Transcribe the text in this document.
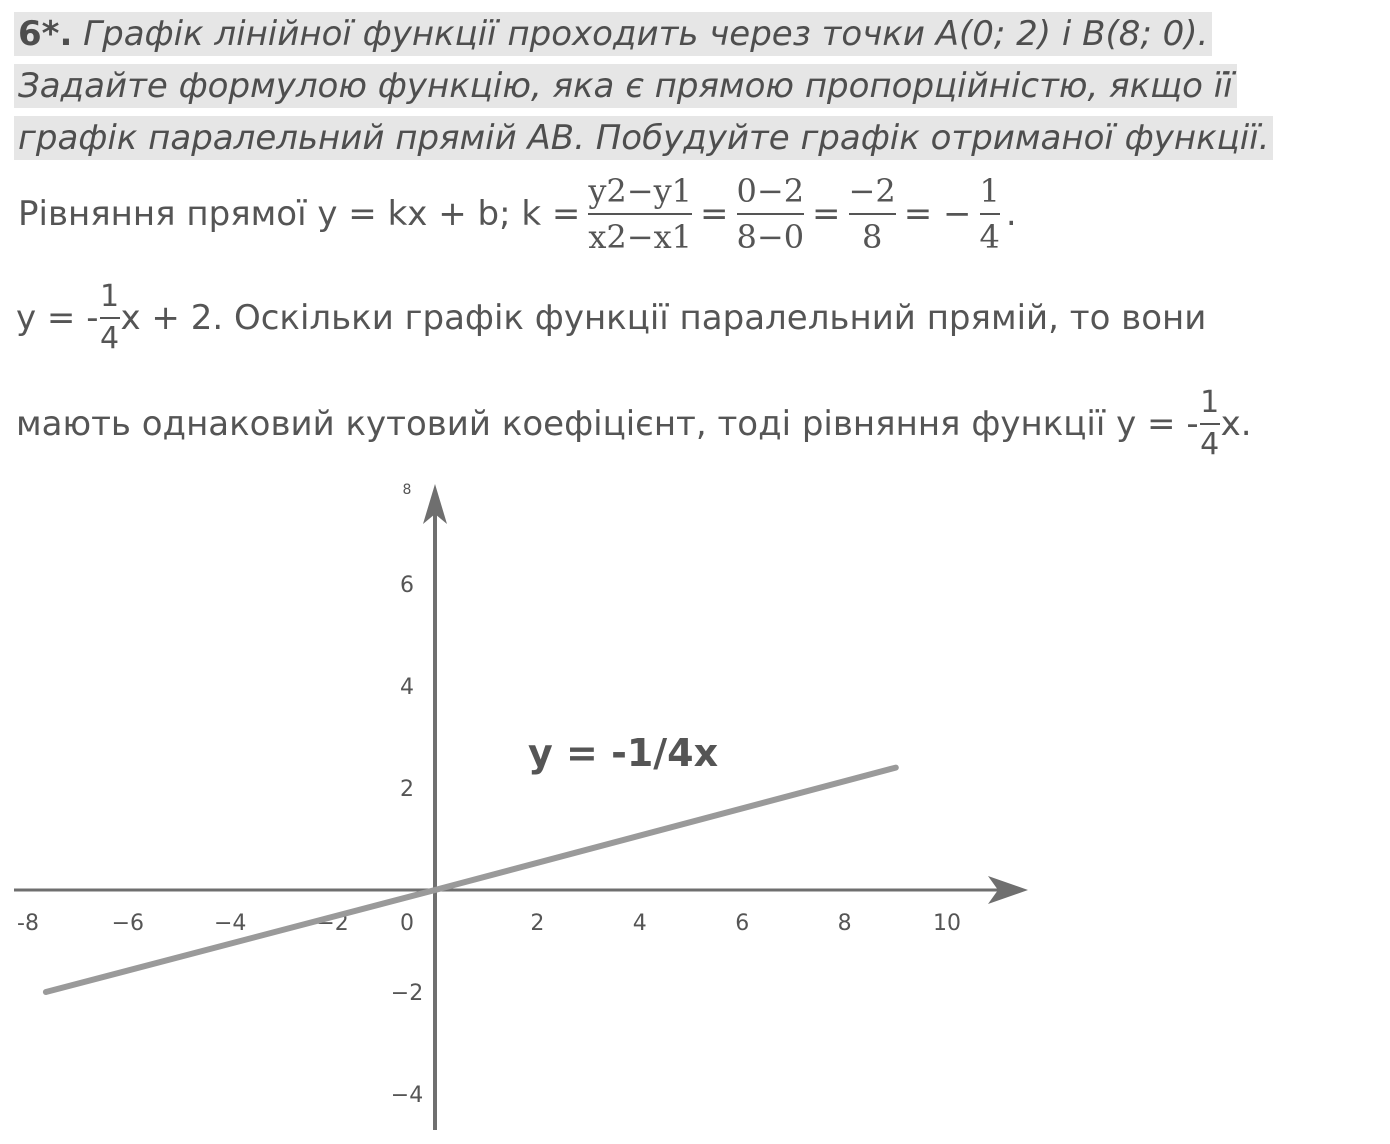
6*. Графік лінійної функції проходить через точки A(0; 2) і B(8; 0).
Задайте формулою функцію, яка є прямою пропорційністю, якщо її
графік паралельний прямій AB. Побудуйте графік отриманої функції.
Рівняння прямої y = kx + b; $k = \frac{y2-y1}{x2-x1} = \frac{0-2}{8-0} = \frac{-2}{8}$ = − $\frac{1}{4}$ .
y = - $\frac{1}{4}$ x + 2. Оскільки графік функції паралельний прямій, то вони
мають однаковий кутовий коефіцієнт, тоді рівняння функції y = - $\frac{1}{4} x$.
-8	−6	−4	−2 0	2	4	6	8	10
8
6
4
2
−2
−4
y = -1/4x
